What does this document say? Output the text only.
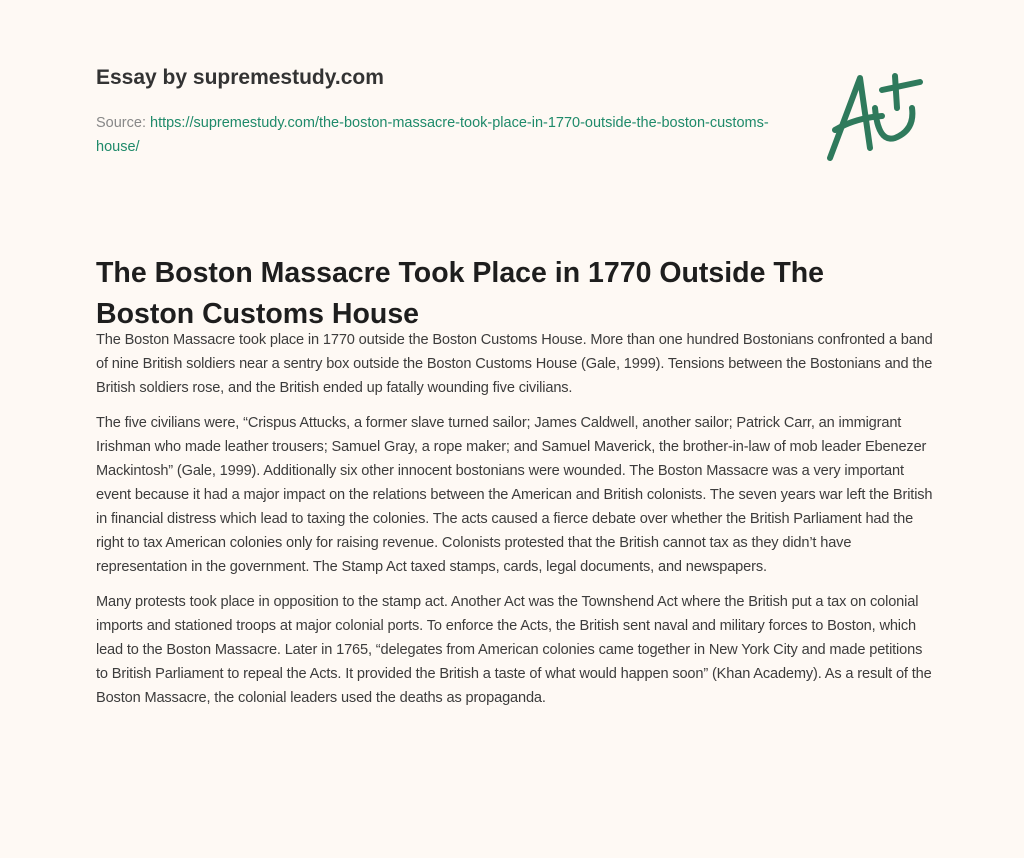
Essay by supremestudy.com
Source: https://supremestudy.com/the-boston-massacre-took-place-in-1770-outside-the-boston-customs-house/
The Boston Massacre Took Place in 1770 Outside The Boston Customs House

The Boston Massacre took place in 1770 outside the Boston Customs House. More than one hundred Bostonians confronted a band of nine British soldiers near a sentry box outside the Boston Customs House (Gale, 1999). Tensions between the Bostonians and the British soldiers rose, and the British ended up fatally wounding five civilians.

The five civilians were, “Crispus Attucks, a former slave turned sailor; James Caldwell, another sailor; Patrick Carr, an immigrant Irishman who made leather trousers; Samuel Gray, a rope maker; and Samuel Maverick, the brother-in-law of mob leader Ebenezer Mackintosh” (Gale, 1999). Additionally six other innocent bostonians were wounded. The Boston Massacre was a very important event because it had a major impact on the relations between the American and British colonists. The seven years war left the British in financial distress which lead to taxing the colonies. The acts caused a fierce debate over whether the British Parliament had the right to tax American colonies only for raising revenue. Colonists protested that the British cannot tax as they didn’t have representation in the government. The Stamp Act taxed stamps, cards, legal documents, and newspapers.

Many protests took place in opposition to the stamp act. Another Act was the Townshend Act where the British put a tax on colonial imports and stationed troops at major colonial ports. To enforce the Acts, the British sent naval and military forces to Boston, which lead to the Boston Massacre. Later in 1765, “delegates from American colonies came together in New York City and made petitions to British Parliament to repeal the Acts. It provided the British a taste of what would happen soon” (Khan Academy). As a result of the Boston Massacre, the colonial leaders used the deaths as propaganda.
